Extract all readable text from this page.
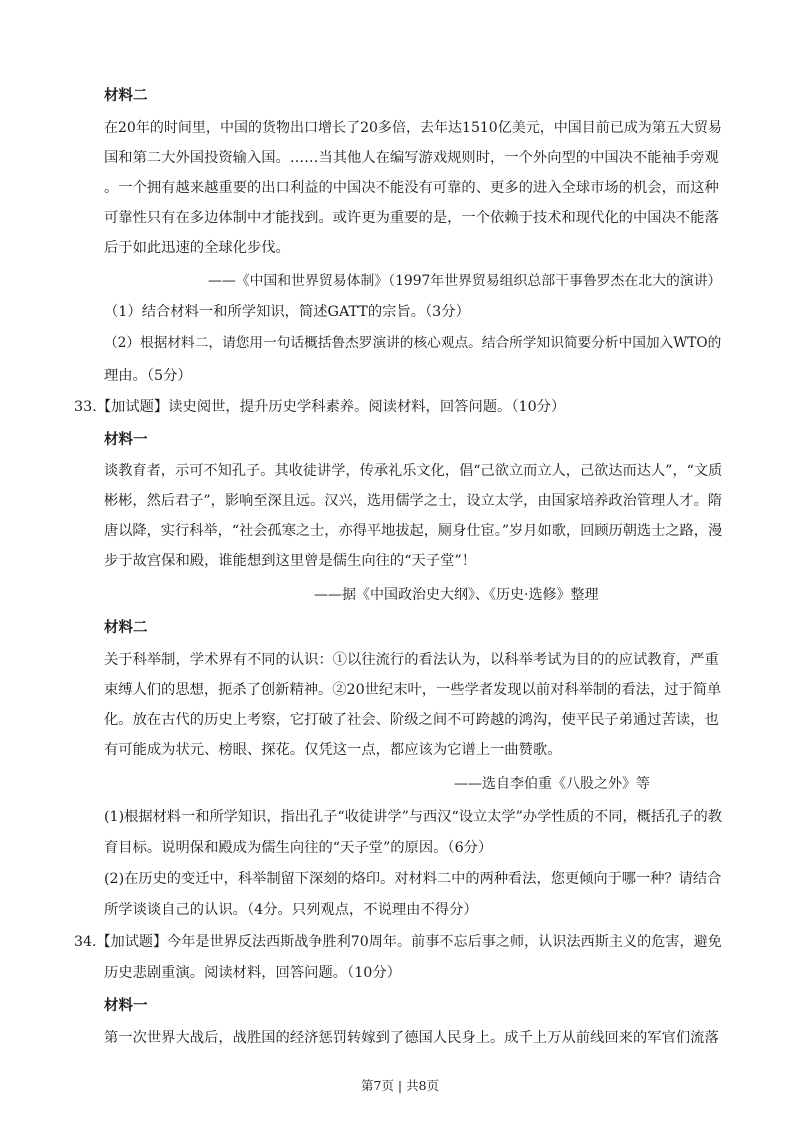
材料二
在20年的时间里，中国的货物出口增长了20多倍，去年达1510亿美元，中国目前已成为第五大贸易
国和第二大外国投资输入国。……当其他人在编写游戏规则时，一个外向型的中国决不能袖手旁观
。一个拥有越来越重要的出口利益的中国决不能没有可靠的、更多的进入全球市场的机会，而这种
可靠性只有在多边体制中才能找到。或许更为重要的是，一个依赖于技术和现代化的中国决不能落
后于如此迅速的全球化步伐。
——《中国和世界贸易体制》（1997年世界贸易组织总部干事鲁罗杰在北大的演讲）
（1）结合材料一和所学知识，简述GATT的宗旨。（3分）
（2）根据材料二，请您用一句话概括鲁杰罗演讲的核心观点。结合所学知识简要分析中国加入WTO的
理由。（5分）
33.【加试题】读史阅世，提升历史学科素养。阅读材料，回答问题。（10分）
材料一
谈教育者，示可不知孔子。其收徒讲学，传承礼乐文化，倡“己欲立而立人，己欲达而达人”，“文质
彬彬，然后君子”，影响至深且远。汉兴，选用儒学之士，设立太学，由国家培养政治管理人才。隋
唐以降，实行科举，“社会孤寒之士，亦得平地拔起，厕身仕宦。”岁月如歌，回顾历朝选士之路，漫
步于故宫保和殿，谁能想到这里曾是儒生向往的“天子堂”！
——据《中国政治史大纲》、《历史·选修》整理
材料二
关于科举制，学术界有不同的认识：①以往流行的看法认为，以科举考试为目的的应试教育，严重
束缚人们的思想，扼杀了创新精神。②20世纪末叶，一些学者发现以前对科举制的看法，过于简单
化。放在古代的历史上考察，它打破了社会、阶级之间不可跨越的鸿沟，使平民子弟通过苦读，也
有可能成为状元、榜眼、探花。仅凭这一点，都应该为它谱上一曲赞歌。
——选自李伯重《八股之外》等
(1)根据材料一和所学知识，指出孔子“收徒讲学”与西汉“设立太学”办学性质的不同，概括孔子的教
育目标。说明保和殿成为儒生向往的“天子堂”的原因。（6分）
(2)在历史的变迁中，科举制留下深刻的烙印。对材料二中的两种看法，您更倾向于哪一种？请结合
所学谈谈自己的认识。（4分。只列观点，不说理由不得分）
34.【加试题】今年是世界反法西斯战争胜利70周年。前事不忘后事之师，认识法西斯主义的危害，避免
历史悲剧重演。阅读材料，回答问题。（10分）
材料一
第一次世界大战后，战胜国的经济惩罚转嫁到了德国人民身上。成千上万从前线回来的军官们流落
第7页 | 共8页
